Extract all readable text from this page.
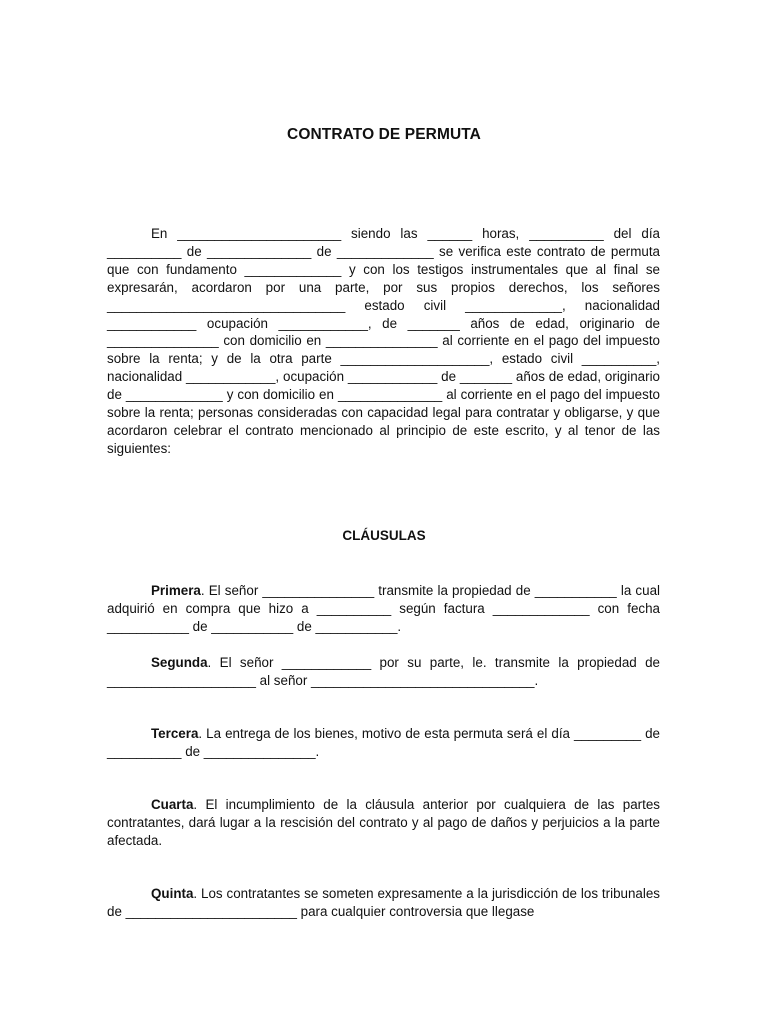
CONTRATO DE PERMUTA

En ______________________ siendo las ______ horas, __________ del día __________ de ______________ de _____________ se verifica este contrato de permuta que con fundamento _____________ y con los testigos instrumentales que al final se expresarán, acordaron por una parte, por sus propios derechos, los señores ________________________________ estado civil _____________, nacionalidad ____________ ocupación ____________, de _______ años de edad, originario de _______________ con domicilio en _______________ al corriente en el pago del impuesto sobre la renta; y de la otra parte ____________________, estado civil __________, nacionalidad ____________, ocupación ____________ de _______ años de edad, originario de _____________ y con domicilio en ______________ al corriente en el pago del impuesto sobre la renta; personas consideradas con capacidad legal para contratar y obligarse, y que acordaron celebrar el contrato mencionado al principio de este escrito, y al tenor de las siguientes:

CLÁUSULAS

Primera. El señor _______________ transmite la propiedad de ___________ la cual adquirió en compra que hizo a __________ según factura _____________ con fecha ___________ de ___________ de ___________.

Segunda. El señor ____________ por su parte, le. transmite la propiedad de ____________________ al señor ______________________________.

Tercera. La entrega de los bienes, motivo de esta permuta será el día _________ de __________ de _______________.

Cuarta. El incumplimiento de la cláusula anterior por cualquiera de las partes contratantes, dará lugar a la rescisión del contrato y al pago de daños y perjuicios a la parte afectada.

Quinta. Los contratantes se someten expresamente a la jurisdicción de los tribunales de _______________________ para cualquier controversia que llegase
